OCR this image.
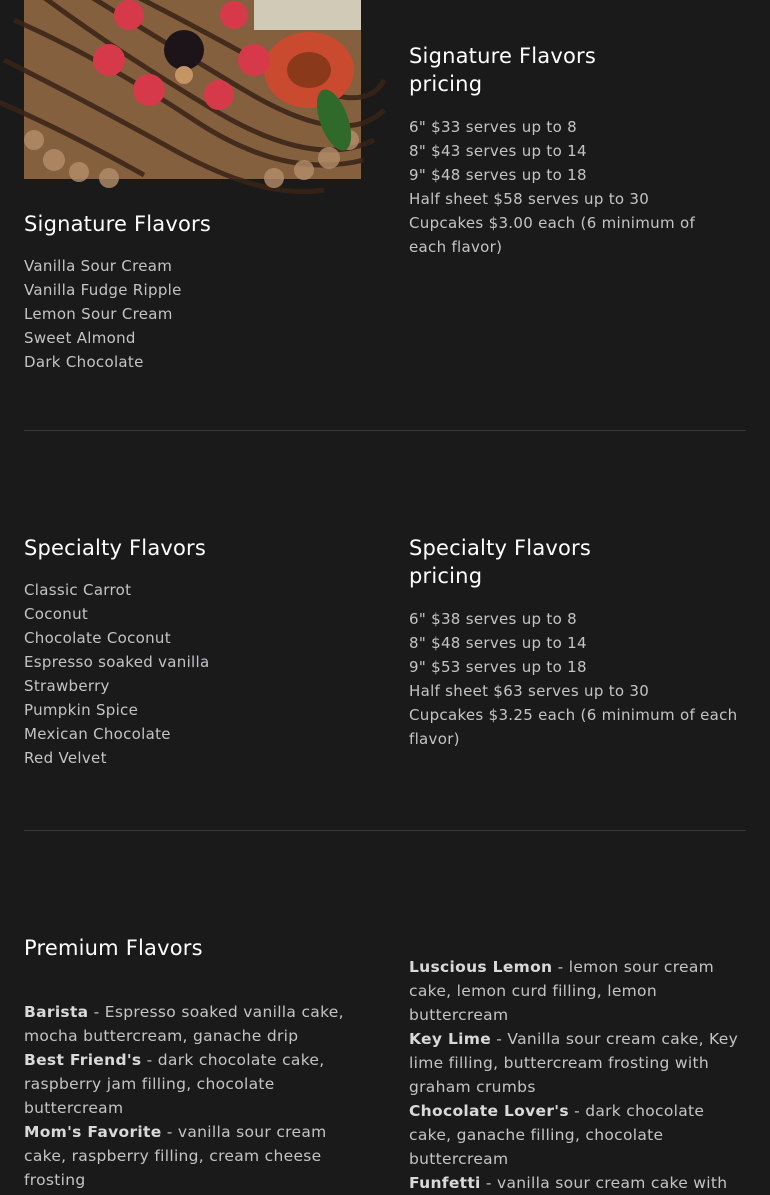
Signature Flavors
Vanilla Sour Cream
Vanilla Fudge Ripple
Lemon Sour Cream
Sweet Almond
Dark Chocolate
Signature Flavors
pricing
6" $33 serves up to 8
8" $43 serves up to 14
9" $48 serves up to 18
Half sheet $58 serves up to 30
Cupcakes $3.00 each (6 minimum of each flavor)
Specialty Flavors
Classic Carrot
Coconut
Chocolate Coconut
Espresso soaked vanilla
Strawberry
Pumpkin Spice
Mexican Chocolate
Red Velvet
Specialty Flavors
pricing
6" $38 serves up to 8
8" $48 serves up to 14
9" $53 serves up to 18
Half sheet $63 serves up to 30
Cupcakes $3.25 each (6 minimum of each flavor)
Premium Flavors

Barista - Espresso soaked vanilla cake, mocha buttercream, ganache drip

Best Friend's - dark chocolate cake, raspberry jam filling, chocolate buttercream

Mom's Favorite - vanilla sour cream cake, raspberry filling, cream cheese frosting

Luscious Lemon - lemon sour cream cake, lemon curd filling, lemon buttercream

Key Lime - Vanilla sour cream cake, Key lime filling, buttercream frosting with graham crumbs

Chocolate Lover's - dark chocolate cake, ganache filling, chocolate buttercream

Funfetti - vanilla sour cream cake with
